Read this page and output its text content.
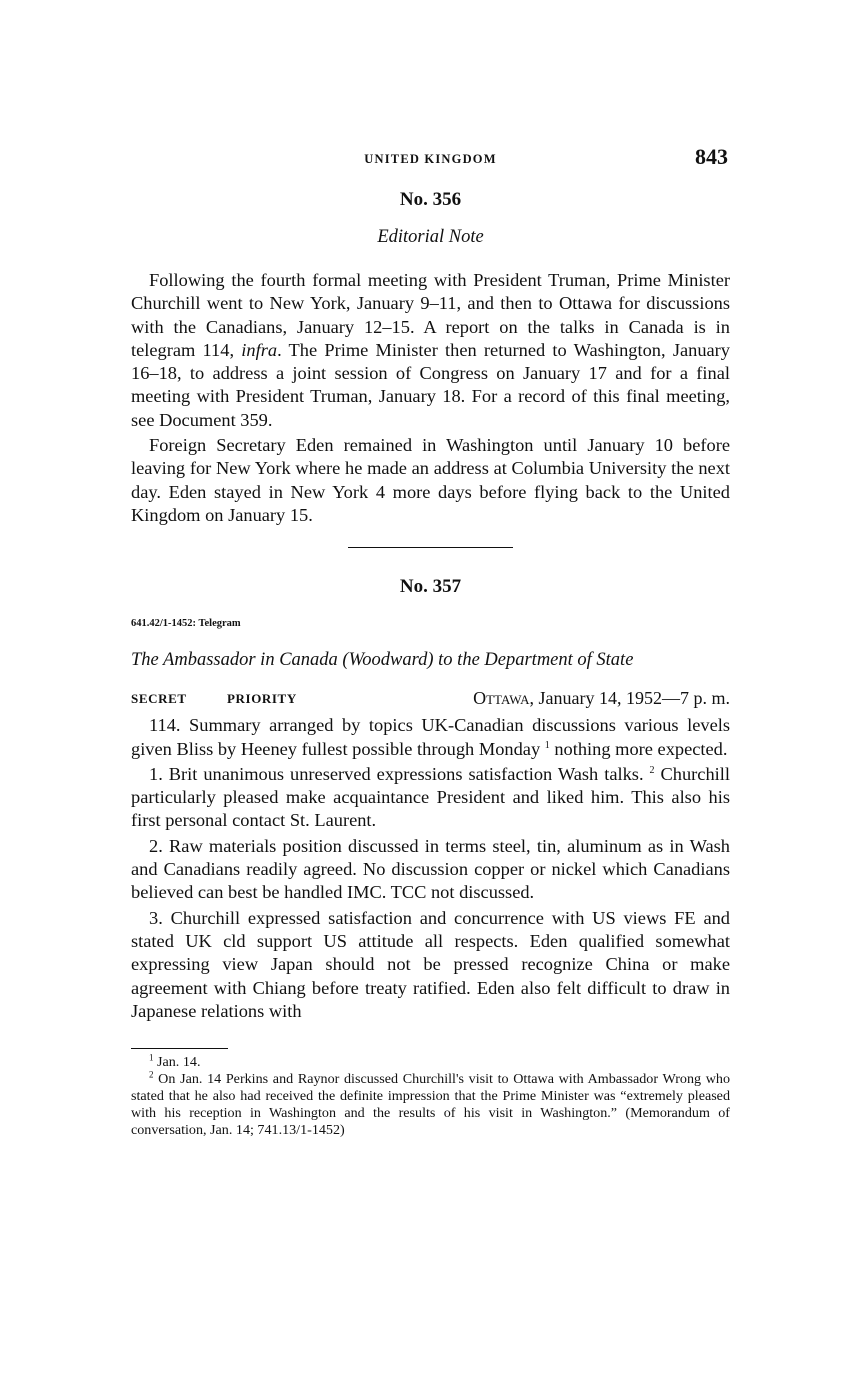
UNITED KINGDOM	843
No. 356
Editorial Note

Following the fourth formal meeting with President Truman, Prime Minister Churchill went to New York, January 9–11, and then to Ottawa for discussions with the Canadians, January 12–15. A report on the talks in Canada is in telegram 114, infra. The Prime Minister then returned to Washington, January 16–18, to address a joint session of Congress on January 17 and for a final meeting with President Truman, January 18. For a record of this final meeting, see Document 359.

Foreign Secretary Eden remained in Washington until January 10 before leaving for New York where he made an address at Columbia University the next day. Eden stayed in New York 4 more days before flying back to the United Kingdom on January 15.

No. 357
641.42/1-1452: Telegram
The Ambassador in Canada (Woodward) to the Department of State
SECRET	PRIORITY	Ottawa, January 14, 1952—7 p. m.

114. Summary arranged by topics UK-Canadian discussions various levels given Bliss by Heeney fullest possible through Monday $^1$ nothing more expected.

1. Brit unanimous unreserved expressions satisfaction Wash talks. $^2$ Churchill particularly pleased make acquaintance President and liked him. This also his first personal contact St. Laurent.

2. Raw materials position discussed in terms steel, tin, aluminum as in Wash and Canadians readily agreed. No discussion copper or nickel which Canadians believed can best be handled IMC. TCC not discussed.

3. Churchill expressed satisfaction and concurrence with US views FE and stated UK cld support US attitude all respects. Eden qualified somewhat expressing view Japan should not be pressed recognize China or make agreement with Chiang before treaty ratified. Eden also felt difficult to draw in Japanese relations with

$^1$ Jan. 14.

$^2$ On Jan. 14 Perkins and Raynor discussed Churchill's visit to Ottawa with Ambassador Wrong who stated that he also had received the definite impression that the Prime Minister was “extremely pleased with his reception in Washington and the results of his visit in Washington.” (Memorandum of conversation, Jan. 14; 741.13/1-1452)
